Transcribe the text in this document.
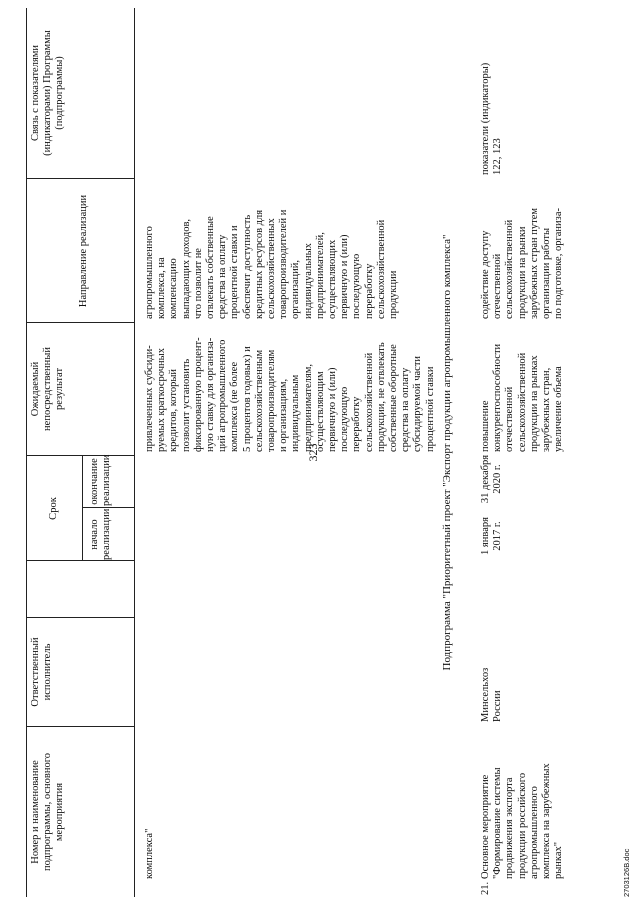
323
Номер и наименование подпрограммы, основного мероприятия
Ответственный исполнитель
Срок
начало реализации
окончание реализации
Ожидаемый непосредственный результат
Направление реализации
Связь с показателями (индикаторами) Программы (подпрограммы)
комплекса"
привлеченных субсиди- руемых краткосрочных кредитов, который позволит установить фиксированную процент- ную ставку для организа- ций агропромышленного комплекса (не более 5 процентов годовых) и сельскохозяйственным товаропроизводителям и организациям, индивидуальным предпринимателям, осуществляющим первичную и (или) последующую переработку сельскохозяйственной продукции, не отвлекать собственные оборотные средства на оплату субсидируемой части процентной ставки
агропромышленного комплекса, на компенсацию выпадающих доходов, что позволит не отвлекать собственные средства на оплату процентной ставки и обеспечит доступность кредитных ресурсов для сельскохозяйственных товаропроизводителей и организаций, индивидуальных предпринимателей, осуществляющих первичную и (или) последующую переработку сельскохозяйственной продукции	Подпрограмма "Приоритетный проект "Экспорт продукции агропромышленного комплекса"
21.
Основное мероприятие "Формирование системы продвижения экспорта продукции российского агропромышленного комплекса на зарубежных рынках"
Минсельхоз России
1 января 2017 г.
31 декабря 2020 г.
повышение конкурентоспособности отечественной сельскохозяйственной продукции на рынках зарубежных стран, увеличение объема
содействие доступу отечественной сельскохозяйственной продукции на рынки зарубежных стран путем организации работы по подготовке, организа-
показатели (индикаторы) 122, 123
2703126В.doc
